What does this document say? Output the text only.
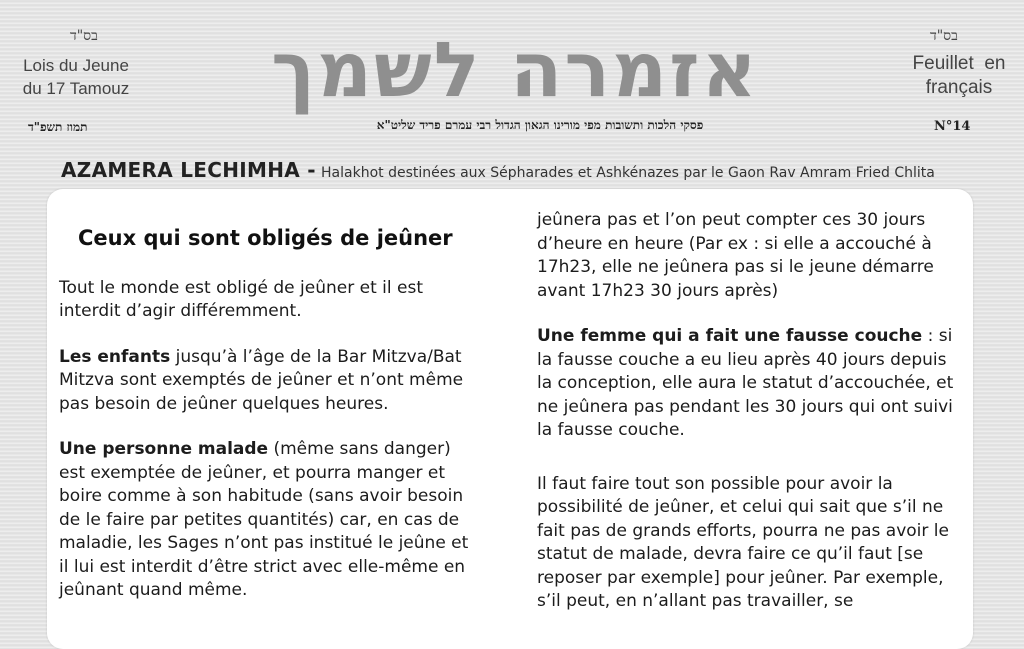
בס"ד	בס"ד
Lois du Jeune
du 17 Tamouz
Feuillet  en
français
אזמרה לשמך
תמוז תשפ"ד	פסקי הלכות ותשובות מפי מורינו הגאון הגדול רבי עמרם פריד שליט"א	N°14
AZAMERA LECHIMHA - Halakhot destinées aux Sépharades et Ashkénazes par le Gaon Rav Amram Fried Chlita
Ceux qui sont obligés de jeûner

Tout le monde est obligé de jeûner et il est interdit d’agir différemment.

Les enfants jusqu’à l’âge de la Bar Mitzva/Bat Mitzva sont exemptés de jeûner et n’ont même pas besoin de jeûner quelques heures.

Une personne malade (même sans danger) est exemptée de jeûner, et pourra manger et boire comme à son habitude (sans avoir besoin de le faire par petites quantités) car, en cas de maladie, les Sages n’ont pas institué le jeûne et il lui est interdit d’être strict avec elle-même en jeûnant quand même.

jeûnera pas et l’on peut compter ces 30 jours d’heure en heure (Par ex : si elle a accouché à 17h23, elle ne jeûnera pas si le jeune démarre avant 17h23 30 jours après)

Une femme qui a fait une fausse couche : si la fausse couche a eu lieu après 40 jours depuis la conception, elle aura le statut d’accouchée, et ne jeûnera pas pendant les 30 jours qui ont suivi la fausse couche.

Il faut faire tout son possible pour avoir la possibilité de jeûner, et celui qui sait que s’il ne fait pas de grands efforts, pourra ne pas avoir le statut de malade, devra faire ce qu’il faut [se reposer par exemple] pour jeûner. Par exemple, s’il peut, en n’allant pas travailler, se
